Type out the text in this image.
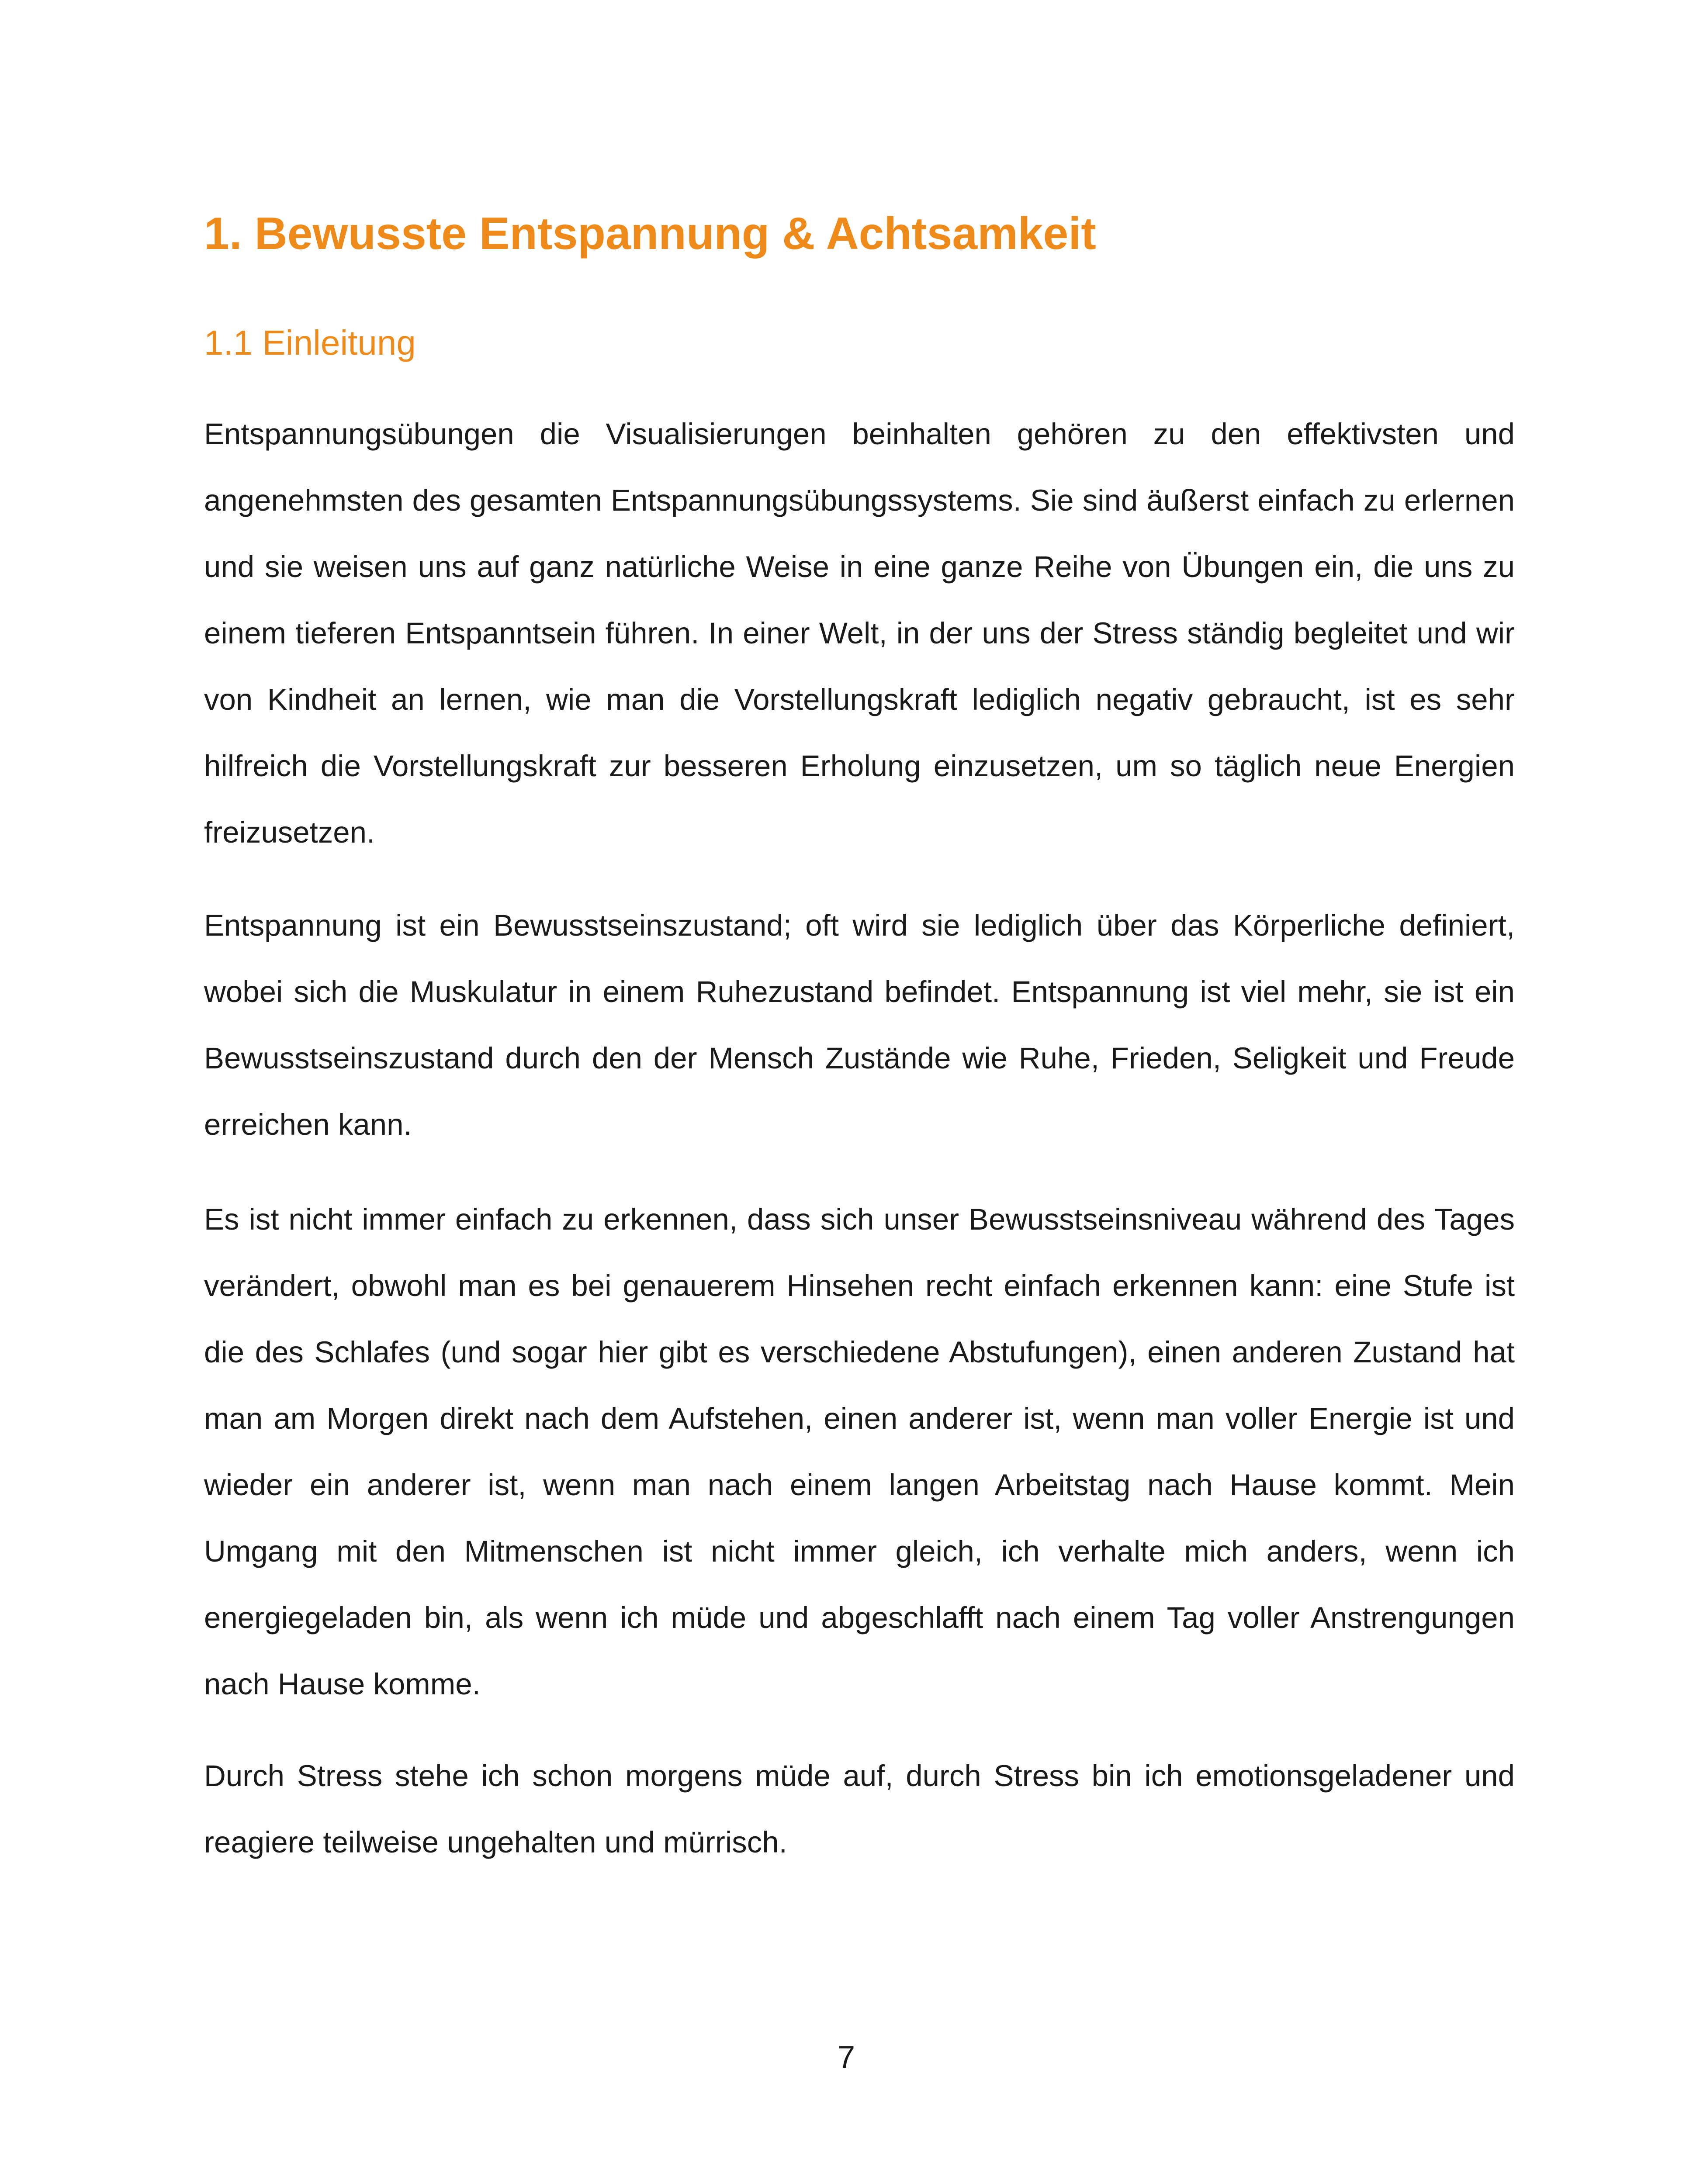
1. Bewusste Entspannung & Achtsamkeit
1.1 Einleitung

Entspannungsübungen die Visualisierungen beinhalten gehören zu den effektivsten und angenehmsten des gesamten Entspannungsübungssystems. Sie sind äußerst einfach zu erlernen und sie weisen uns auf ganz natürliche Weise in eine ganze Reihe von Übungen ein, die uns zu einem tieferen Entspanntsein führen. In einer Welt, in der uns der Stress ständig begleitet und wir von Kindheit an lernen, wie man die Vorstellungskraft lediglich negativ gebraucht, ist es sehr hilfreich die Vorstellungskraft zur besseren Erholung einzusetzen, um so täglich neue Energien freizusetzen.

Entspannung ist ein Bewusstseinszustand; oft wird sie lediglich über das Körperliche definiert, wobei sich die Muskulatur in einem Ruhezustand befindet. Entspannung ist viel mehr, sie ist ein Bewusstseinszustand durch den der Mensch Zustände wie Ruhe, Frieden, Seligkeit und Freude erreichen kann.

Es ist nicht immer einfach zu erkennen, dass sich unser Bewusstseinsniveau während des Tages verändert, obwohl man es bei genauerem Hinsehen recht einfach erkennen kann: eine Stufe ist die des Schlafes (und sogar hier gibt es verschiedene Abstufungen), einen anderen Zustand hat man am Morgen direkt nach dem Aufstehen, einen anderer ist, wenn man voller Energie ist und wieder ein anderer ist, wenn man nach einem langen Arbeitstag nach Hause kommt. Mein Umgang mit den Mitmenschen ist nicht immer gleich, ich verhalte mich anders, wenn ich energiegeladen bin, als wenn ich müde und abgeschlafft nach einem Tag voller Anstrengungen nach Hause komme.

Durch Stress stehe ich schon morgens müde auf, durch Stress bin ich emotionsgeladener und reagiere teilweise ungehalten und mürrisch.

7
